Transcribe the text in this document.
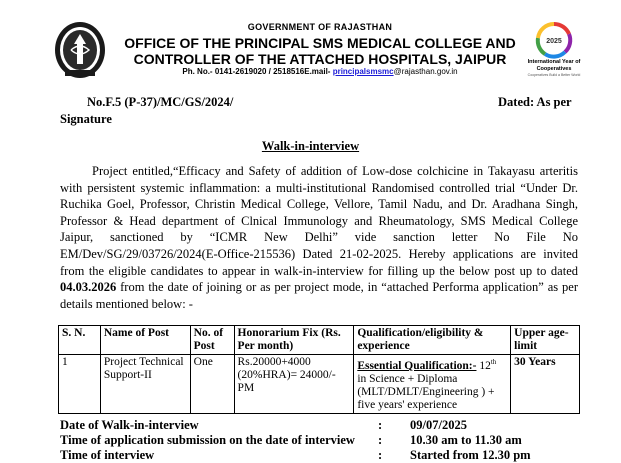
GOVERNMENT OF RAJASTHAN
OFFICE OF THE PRINCIPAL SMS MEDICAL COLLEGE AND
CONTROLLER OF THE ATTACHED HOSPITALS, JAIPUR
Ph. No.- 0141-2619020 / 2518516E.mail- principalsmsmc@rajasthan.gov.in
2025
International Year of Cooperatives
Cooperatives Build a Better World
No.F.5 (P-37)/MC/GS/2024/	Dated: As per
Signature
Walk-in-interview
Project entitled,“Efficacy and Safety of addition of Low-dose colchicine in Takayasu arteritis with persistent systemic inflammation: a multi-institutional Randomised controlled trial “Under Dr. Ruchika Goel, Professor, Christin Medical College, Vellore, Tamil Nadu, and Dr. Aradhana Singh, Professor & Head department of Clnical Immunology and Rheumatology, SMS Medical College Jaipur, sanctioned by “ICMR New Delhi” vide sanction letter No File No EM/Dev/SG/29/03726/2024(E-Office-215536) Dated 21-02-2025. Hereby applications are invited from the eligible candidates to appear in walk-in-interview for filling up the below post up to dated 04.03.2026 from the date of joining or as per project mode, in “attached Performa application” as per details mentioned below: -
S. N.	Name of Post	No. of Post	Honorarium Fix (Rs. Per month)	Qualification/eligibility & experience	Upper age-limit
1	Project Technical Support-II	One	Rs.20000+4000 (20%HRA)= 24000/- PM	Essential Qualification:- 12th in Science + Diploma (MLT/DMLT/Engineering ) + five years' experience	30 Years
Date of Walk-in-interview	: 09/07/2025
Time of application submission on the date of interview : 10.30 am to 11.30 am
Time of interview	: Started from 12.30 pm
